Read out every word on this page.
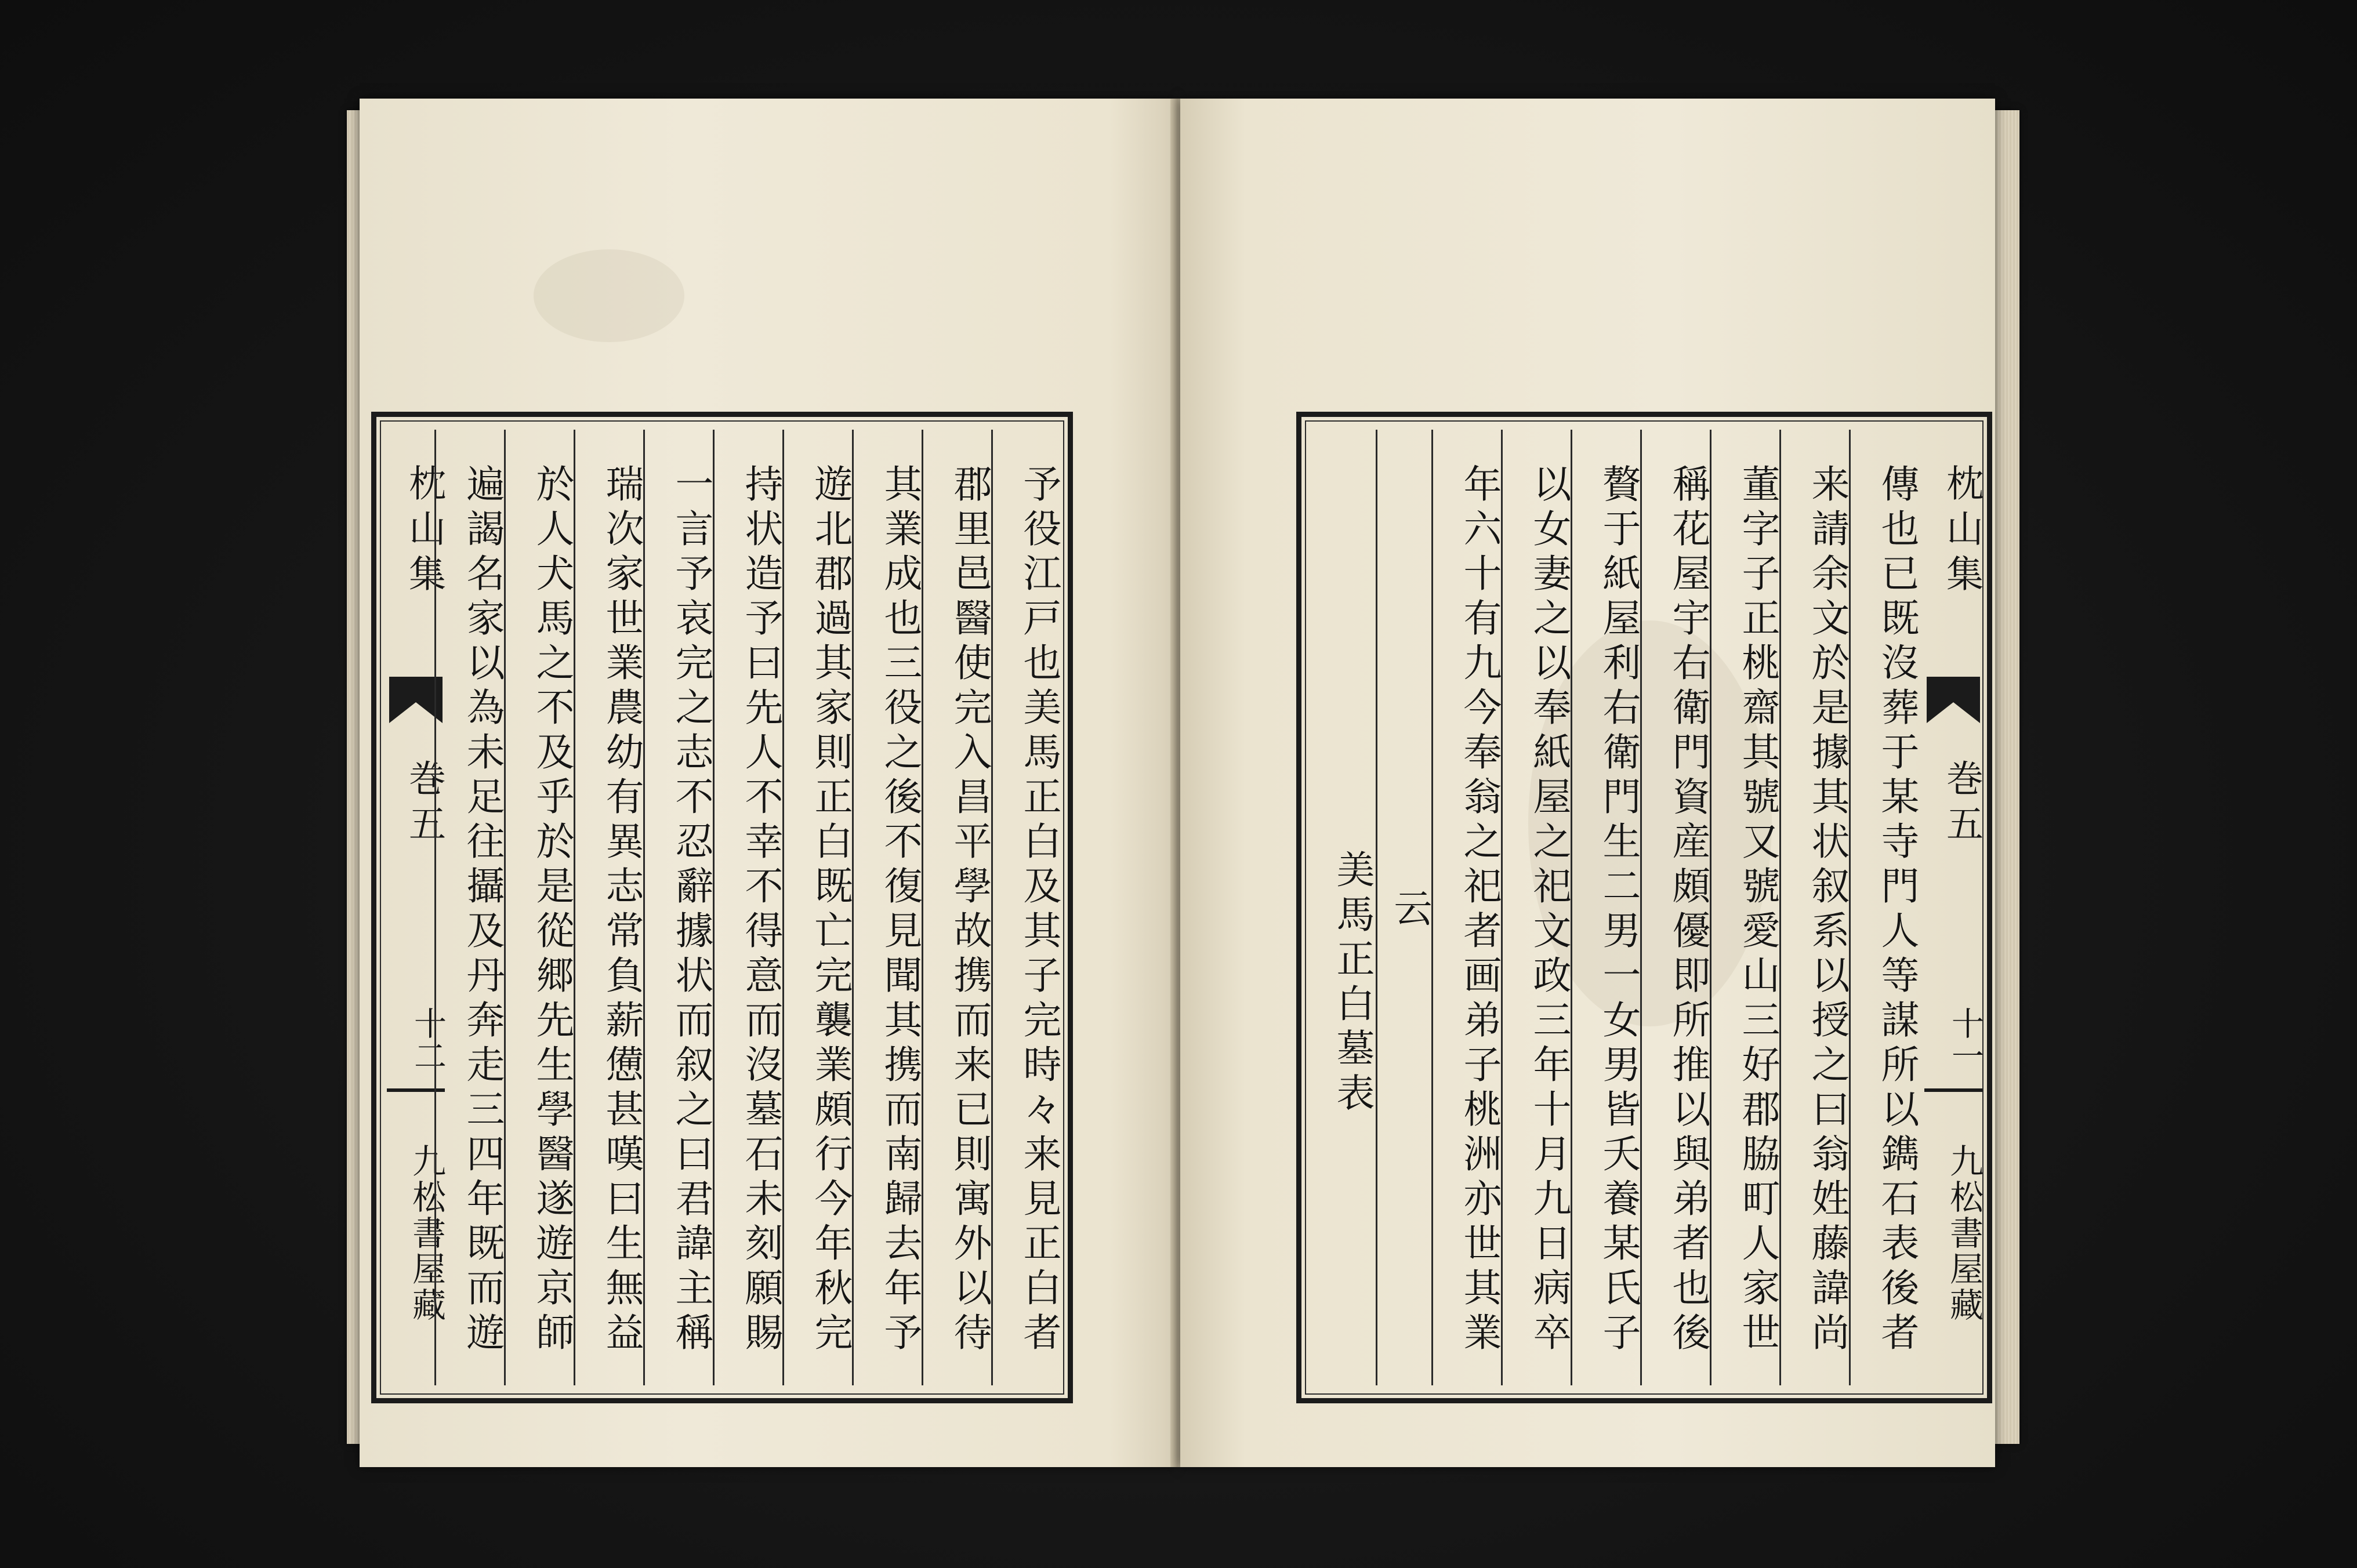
枕山集
巻五
十二
九松書屋藏	予役江戸也美馬正白及其子完時々来見正白者
郡里邑醫使完入昌平學故携而来已則寓外以待
其業成也三役之後不復見聞其携而南歸去年予
遊北郡過其家則正白既亡完襲業頗行今年秋完
持状造予曰先人不幸不得意而沒墓石未刻願賜
一言予哀完之志不忍辭據状而叙之曰君諱主稱
瑞次家世業農幼有異志常負薪憊甚嘆曰生無益
於人犬馬之不及乎於是從郷先生學醫遂遊京師
遍謁名家以為未足往攝及丹奔走三四年既而遊	枕山集
巻五
十一
九松書屋藏
傳也已既沒葬于某寺門人等謀所以鐫石表後者
来請余文於是據其状叙系以授之曰翁姓藤諱尚
董字子正桃齋其號又號愛山三好郡脇町人家世
稱花屋宇右衛門資産頗優即所推以與弟者也後
贅于紙屋利右衛門生二男一女男皆夭養某氏子
以女妻之以奉紙屋之祀文政三年十月九日病卒
年六十有九今奉翁之祀者画弟子桃洲亦世其業
云
美馬正白墓表
